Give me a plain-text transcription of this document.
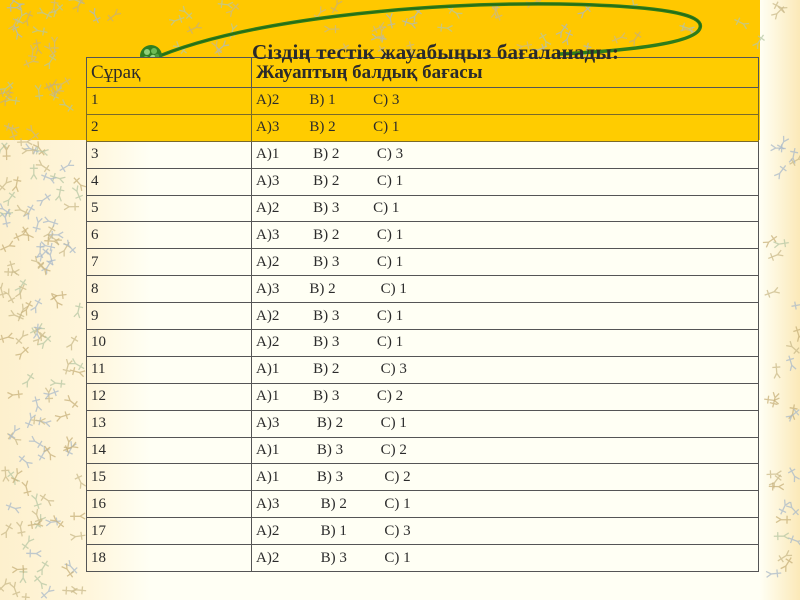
Сұрақ	Жауаптың балдық бағасы
1	А)2        В) 1          С) 3
2	А)3        В) 2          С) 1
3	А)1         В) 2          С) 3
4	А)3         В) 2          С) 1
5	А)2         В) 3         С) 1
6	А)3         В) 2          С) 1
7	А)2         В) 3          С) 1
8	А)3        В) 2            С) 1
9	А)2         В) 3          С) 1
10	А)2         В) 3          С) 1
11	А)1         В) 2           С) 3
12	А)1         В) 3          С) 2
13	А)3          В) 2          С) 1
14	А)1          В) 3          С) 2
15	А)1          В) 3           С) 2
16	А)3           В) 2          С) 1
17	А)2           В) 1          С) 3
18	А)2           В) 3          С) 1
Сіздің тестік жауабыңыз бағаланады:
